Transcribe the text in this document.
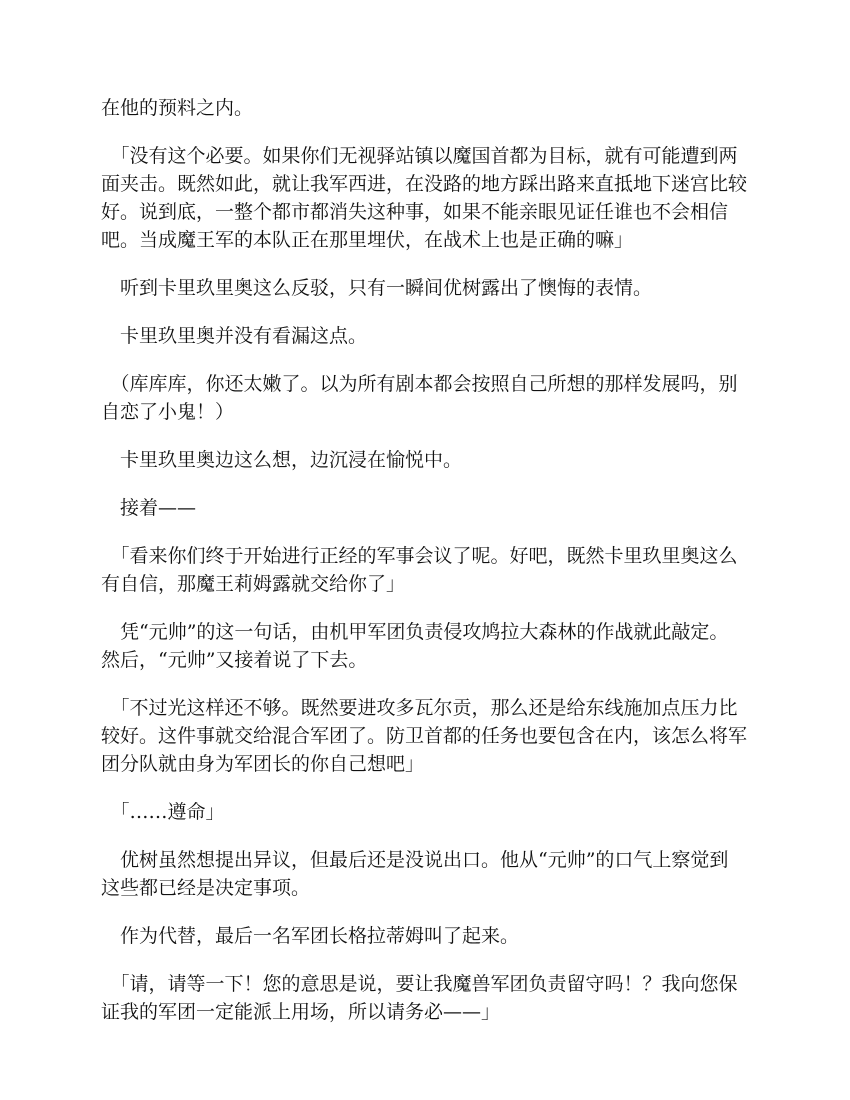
在他的预料之内。

　「没有这个必要。如果你们无视驿站镇以魔国首都为目标，就有可能遭到两面夹击。既然如此，就让我军西进，在没路的地方踩出路来直抵地下迷宫比较好。说到底，一整个都市都消失这种事，如果不能亲眼见证任谁也不会相信吧。当成魔王军的本队正在那里埋伏，在战术上也是正确的嘛」

　听到卡里玖里奥这么反驳，只有一瞬间优树露出了懊悔的表情。

　卡里玖里奥并没有看漏这点。

　（库库库，你还太嫩了。以为所有剧本都会按照自己所想的那样发展吗，别自恋了小鬼！）

　卡里玖里奥边这么想，边沉浸在愉悦中。

　接着——

　「看来你们终于开始进行正经的军事会议了呢。好吧，既然卡里玖里奥这么有自信，那魔王莉姆露就交给你了」

　凭“元帅”的这一句话，由机甲军团负责侵攻鸠拉大森林的作战就此敲定。然后，“元帅”又接着说了下去。

　「不过光这样还不够。既然要进攻多瓦尔贡，那么还是给东线施加点压力比较好。这件事就交给混合军团了。防卫首都的任务也要包含在内，该怎么将军团分队就由身为军团长的你自己想吧」

　「……遵命」

　优树虽然想提出异议，但最后还是没说出口。他从“元帅”的口气上察觉到这些都已经是决定事项。

　作为代替，最后一名军团长格拉蒂姆叫了起来。

　「请，请等一下！您的意思是说，要让我魔兽军团负责留守吗！？我向您保证我的军团一定能派上用场，所以请务必——」
